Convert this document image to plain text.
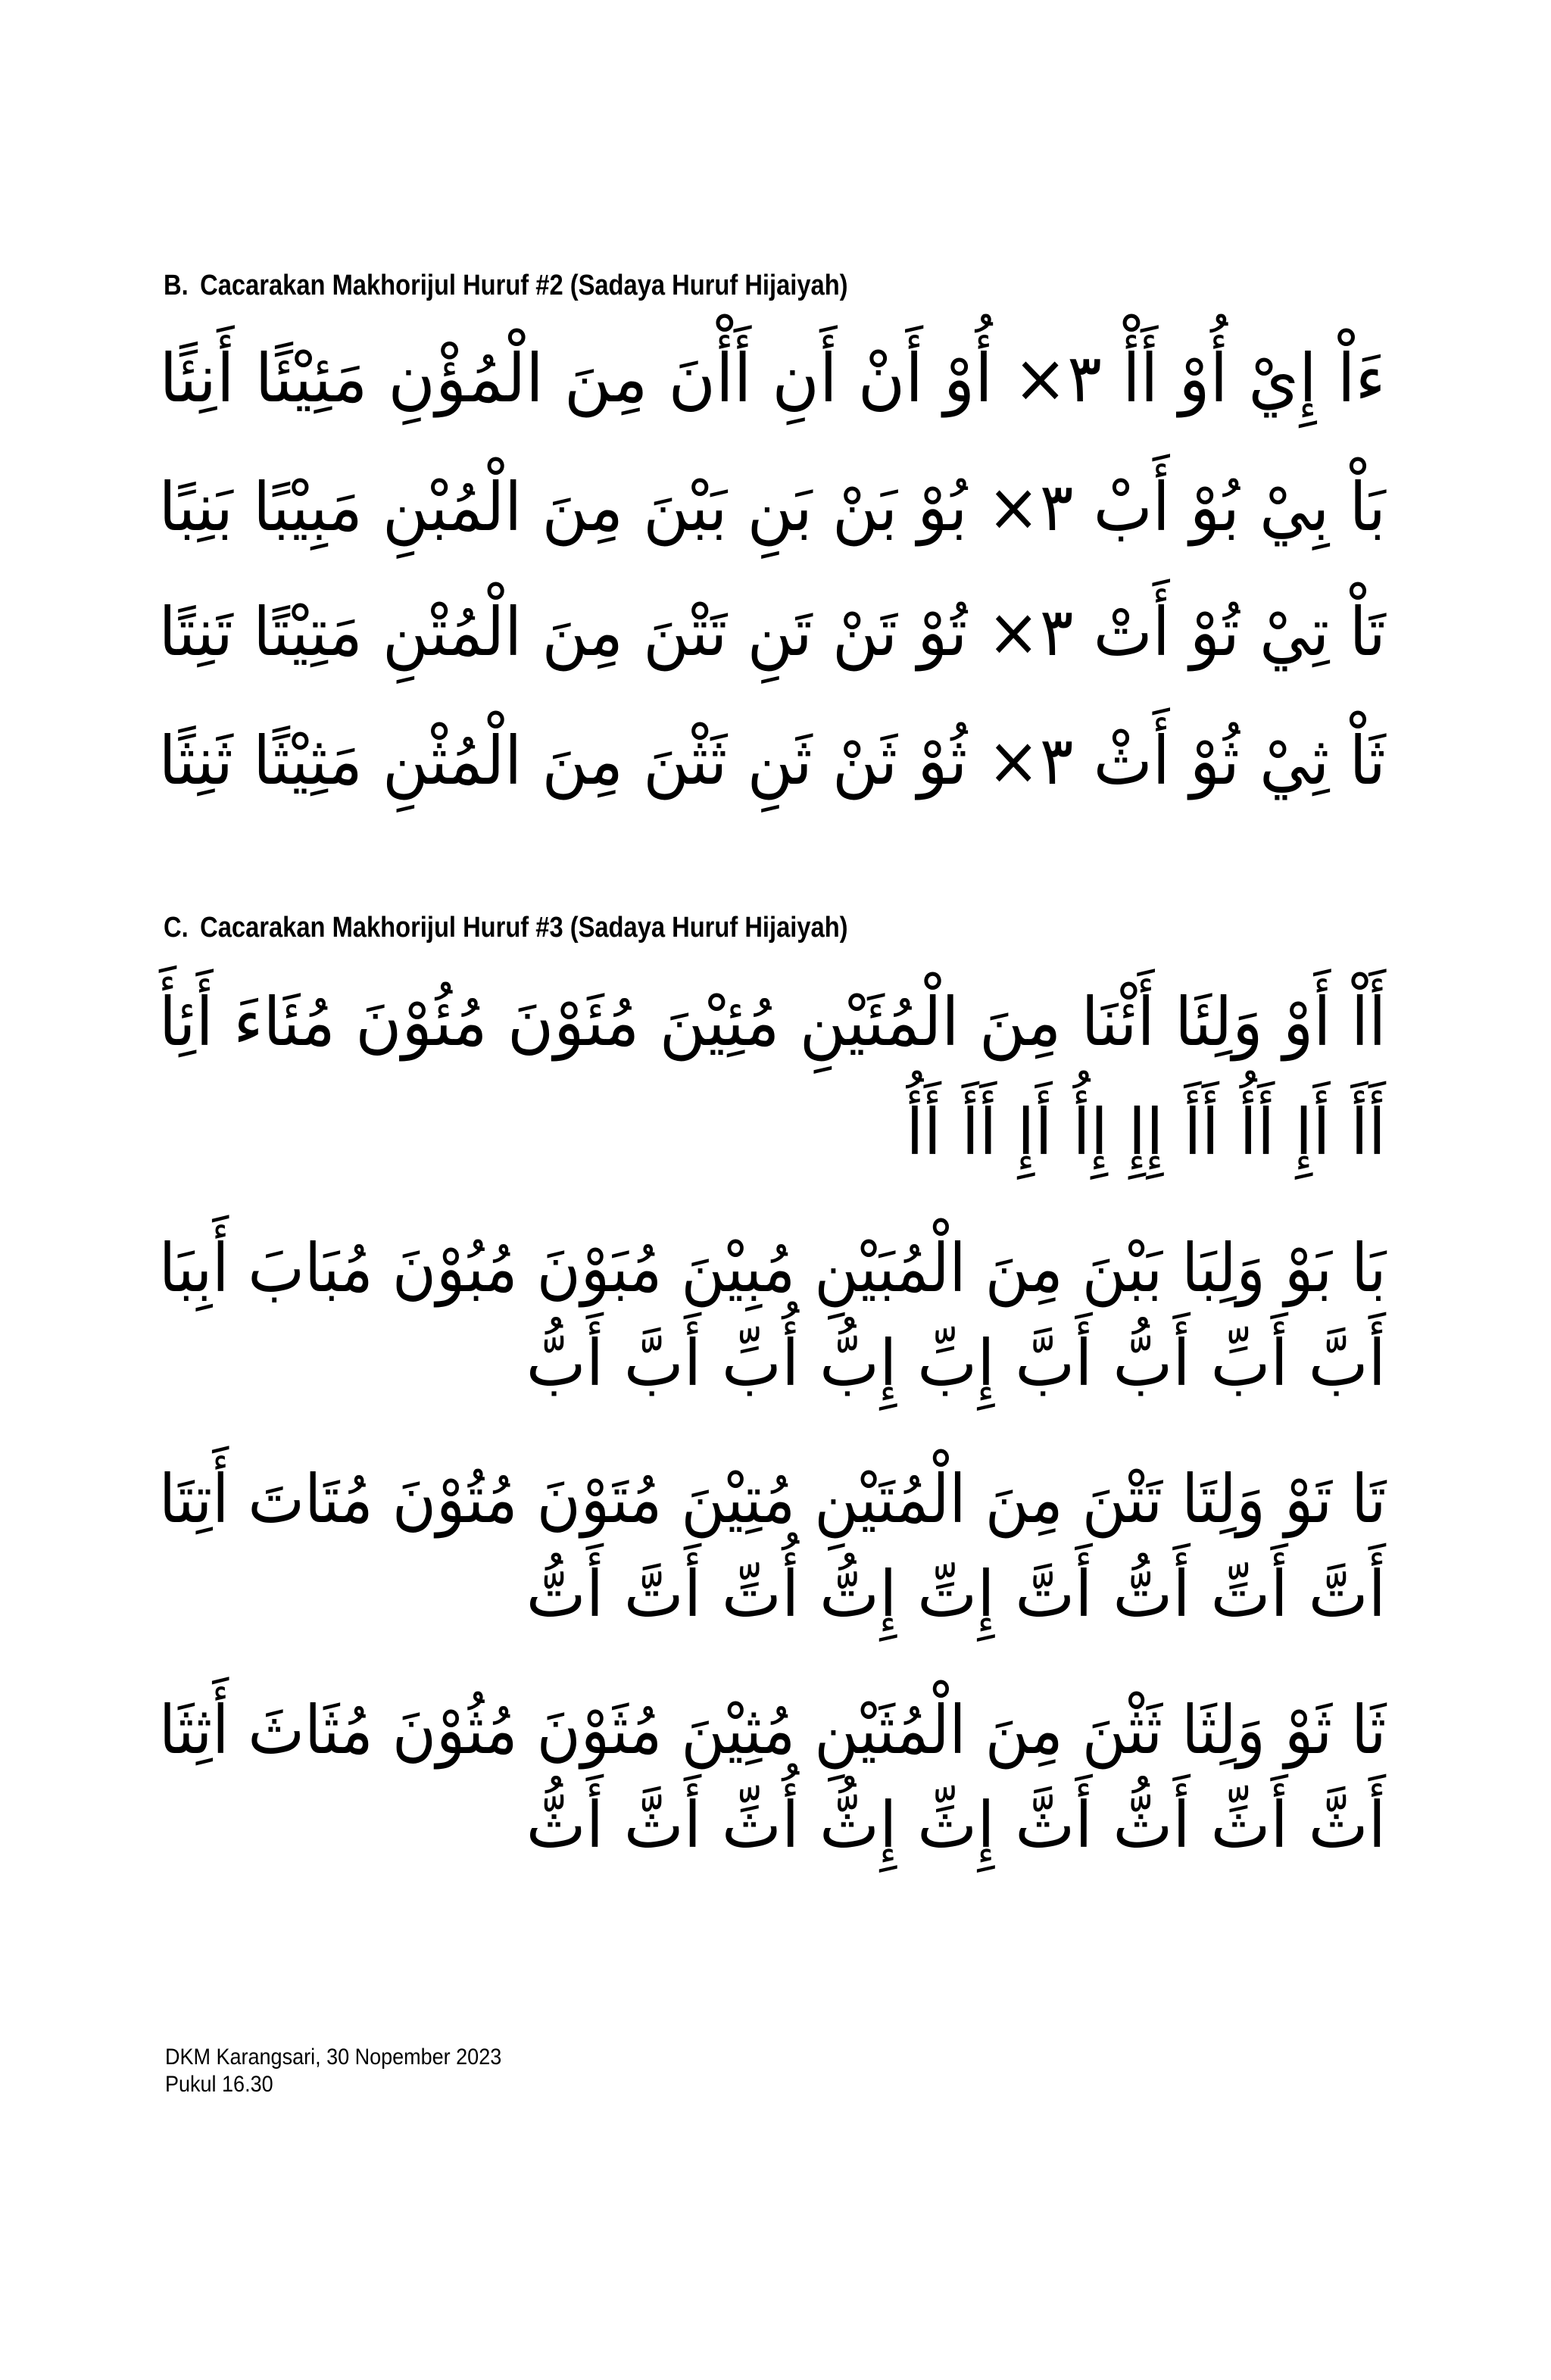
B. Cacarakan Makhorijul Huruf #2 (Sadaya Huruf Hijaiyah)
ءَاْ إِيْ أُوْ أَأْ ٣× أُوْ أَنْ أَنِ أَأْنَ مِنَ الْمُؤْنِ مَئِيْئًا أَنِئًا
بَاْ بِيْ بُوْ أَبْ ٣× بُوْ بَنْ بَنِ بَبْنَ مِنَ الْمُبْنِ مَبِيْبًا بَنِبًا
تَاْ تِيْ تُوْ أَتْ ٣× تُوْ تَنْ تَنِ تَتْنَ مِنَ الْمُتْنِ مَتِيْتًا تَنِتًا
ثَاْ ثِيْ ثُوْ أَثْ ٣× ثُوْ ثَنْ ثَنِ ثَثْنَ مِنَ الْمُثْنِ مَثِيْثًا ثَنِثًا
C. Cacarakan Makhorijul Huruf #3 (Sadaya Huruf Hijaiyah)
أَاْ أَوْ وَلِئَا أَئْنَا مِنَ الْمُئَيْنِ مُئِيْنَ مُئَوْنَ مُئُوْنَ مُئَاءَ أَئِأَ
أَأَ أَإِ أَأُ أَأَ إِإِ إِأُ أَإِ أَأَ أَأُ
بَا بَوْ وَلِبَا بَبْنَ مِنَ الْمُبَيْنِ مُبِيْنَ مُبَوْنَ مُبُوْنَ مُبَابَ أَبِبَا
أَبَّ أَبِّ أَبُّ أَبَّ إِبِّ إِبُّ أُبِّ أَبَّ أَبُّ
تَا تَوْ وَلِتَا تَتْنَ مِنَ الْمُتَيْنِ مُتِيْنَ مُتَوْنَ مُتُوْنَ مُتَاتَ أَتِتَا
أَتَّ أَتِّ أَتُّ أَتَّ إِتِّ إِتُّ أُتِّ أَتَّ أَتُّ
ثَا ثَوْ وَلِثَا ثَثْنَ مِنَ الْمُثَيْنِ مُثِيْنَ مُثَوْنَ مُثُوْنَ مُثَاثَ أَثِثَا
أَثَّ أَثِّ أَثُّ أَثَّ إِثِّ إِثُّ أُثِّ أَثَّ أَثُّ
DKM Karangsari, 30 Nopember 2023
Pukul 16.30
